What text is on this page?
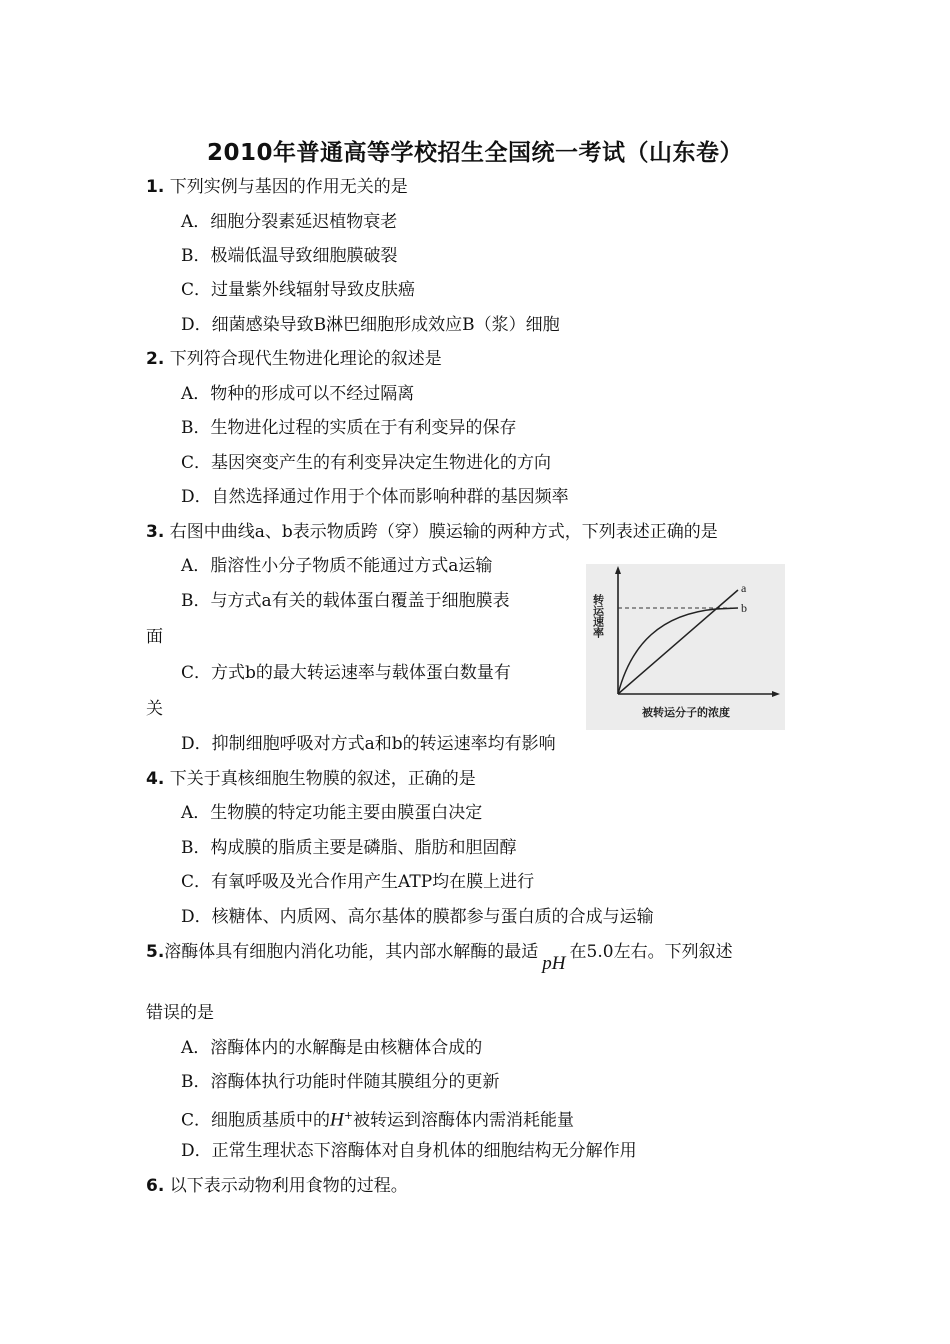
2010年普通高等学校招生全国统一考试（山东卷）
1. 下列实例与基因的作用无关的是
A．细胞分裂素延迟植物衰老
B．极端低温导致细胞膜破裂
C．过量紫外线辐射导致皮肤癌
D．细菌感染导致B淋巴细胞形成效应B（浆）细胞
2. 下列符合现代生物进化理论的叙述是
A．物种的形成可以不经过隔离
B．生物进化过程的实质在于有利变异的保存
C．基因突变产生的有利变异决定生物进化的方向
D．自然选择通过作用于个体而影响种群的基因频率
3. 右图中曲线a、b表示物质跨（穿）膜运输的两种方式，下列表述正确的是
A．脂溶性小分子物质不能通过方式a运输
B．与方式a有关的载体蛋白覆盖于细胞膜表
面
C．方式b的最大转运速率与载体蛋白数量有
关
D．抑制细胞呼吸对方式a和b的转运速率均有影响
a
b
转运速率
被转运分子的浓度
4. 下关于真核细胞生物膜的叙述，正确的是
A．生物膜的特定功能主要由膜蛋白决定
B．构成膜的脂质主要是磷脂、脂肪和胆固醇
C．有氧呼吸及光合作用产生ATP均在膜上进行
D．核糖体、内质网、高尔基体的膜都参与蛋白质的合成与运输
5.溶酶体具有细胞内消化功能，其内部水解酶的最适pH在5.0左右。下列叙述
错误的是
A．溶酶体内的水解酶是由核糖体合成的
B．溶酶体执行功能时伴随其膜组分的更新
C．细胞质基质中的H+被转运到溶酶体内需消耗能量
D．正常生理状态下溶酶体对自身机体的细胞结构无分解作用
6. 以下表示动物利用食物的过程。
